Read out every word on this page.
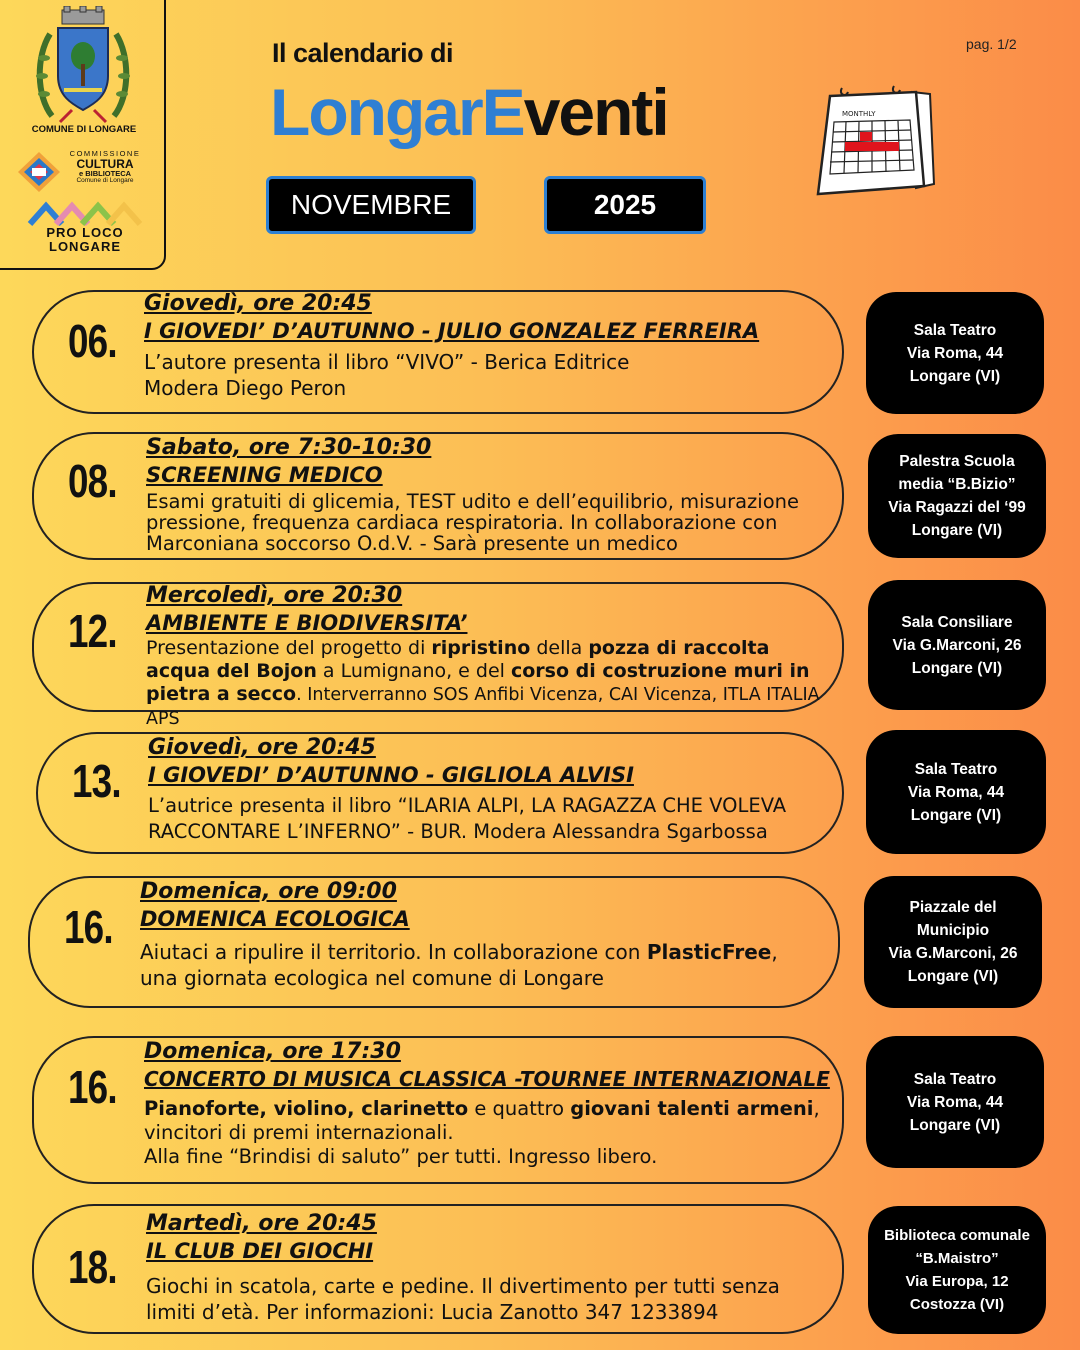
COMUNE DI LONGARE
COMMISSIONE
CULTURA
e BIBLIOTECA
Comune di Longare
PRO LOCO
LONGARE
pag. 1/2
Il calendario di
LongarEventi
NOVEMBRE	2025
MONTHLY
06.
Giovedì, ore 20:45
I GIOVEDI’ D’AUTUNNO - JULIO GONZALEZ FERREIRA
L’autore presenta il libro “VIVO” - Berica Editrice
Modera Diego Peron
Sala Teatro
Via Roma, 44
Longare (VI)
08.
Sabato, ore 7:30-10:30
SCREENING MEDICO
Esami gratuiti di glicemia, TEST udito e dell’equilibrio, misurazione
pressione, frequenza cardiaca respiratoria. In collaborazione con
Marconiana soccorso O.d.V. - Sarà presente un medico
Palestra Scuola
media “B.Bizio”
Via Ragazzi del ‘99
Longare (VI)
12.
Mercoledì, ore 20:30
AMBIENTE E BIODIVERSITA’
Presentazione del progetto di ripristino della pozza di raccolta acqua del Bojon a Lumignano, e del corso di costruzione muri in pietra a secco. Interverranno SOS Anfibi Vicenza, CAI Vicenza, ITLA ITALIA APS
Sala Consiliare
Via G.Marconi, 26
Longare (VI)
13.
Giovedì, ore 20:45
I GIOVEDI’ D’AUTUNNO - GIGLIOLA ALVISI
L’autrice presenta il libro “ILARIA ALPI, LA RAGAZZA CHE VOLEVA
RACCONTARE L’INFERNO” - BUR. Modera Alessandra Sgarbossa
Sala Teatro
Via Roma, 44
Longare (VI)
16.
Domenica, ore 09:00
DOMENICA ECOLOGICA
Aiutaci a ripulire il territorio. In collaborazione con PlasticFree,
una giornata ecologica nel comune di Longare
Piazzale del
Municipio
Via G.Marconi, 26
Longare (VI)
16.
Domenica, ore 17:30
CONCERTO DI MUSICA CLASSICA -TOURNEE INTERNAZIONALE
Pianoforte, violino, clarinetto e quattro giovani talenti armeni,
vincitori di premi internazionali.
Alla fine “Brindisi di saluto” per tutti. Ingresso libero.
Sala Teatro
Via Roma, 44
Longare (VI)
18.
Martedì, ore 20:45
IL CLUB DEI GIOCHI
Giochi in scatola, carte e pedine. Il divertimento per tutti senza
limiti d’età. Per informazioni: Lucia Zanotto 347 1233894
Biblioteca comunale
“B.Maistro”
Via Europa, 12
Costozza (VI)
